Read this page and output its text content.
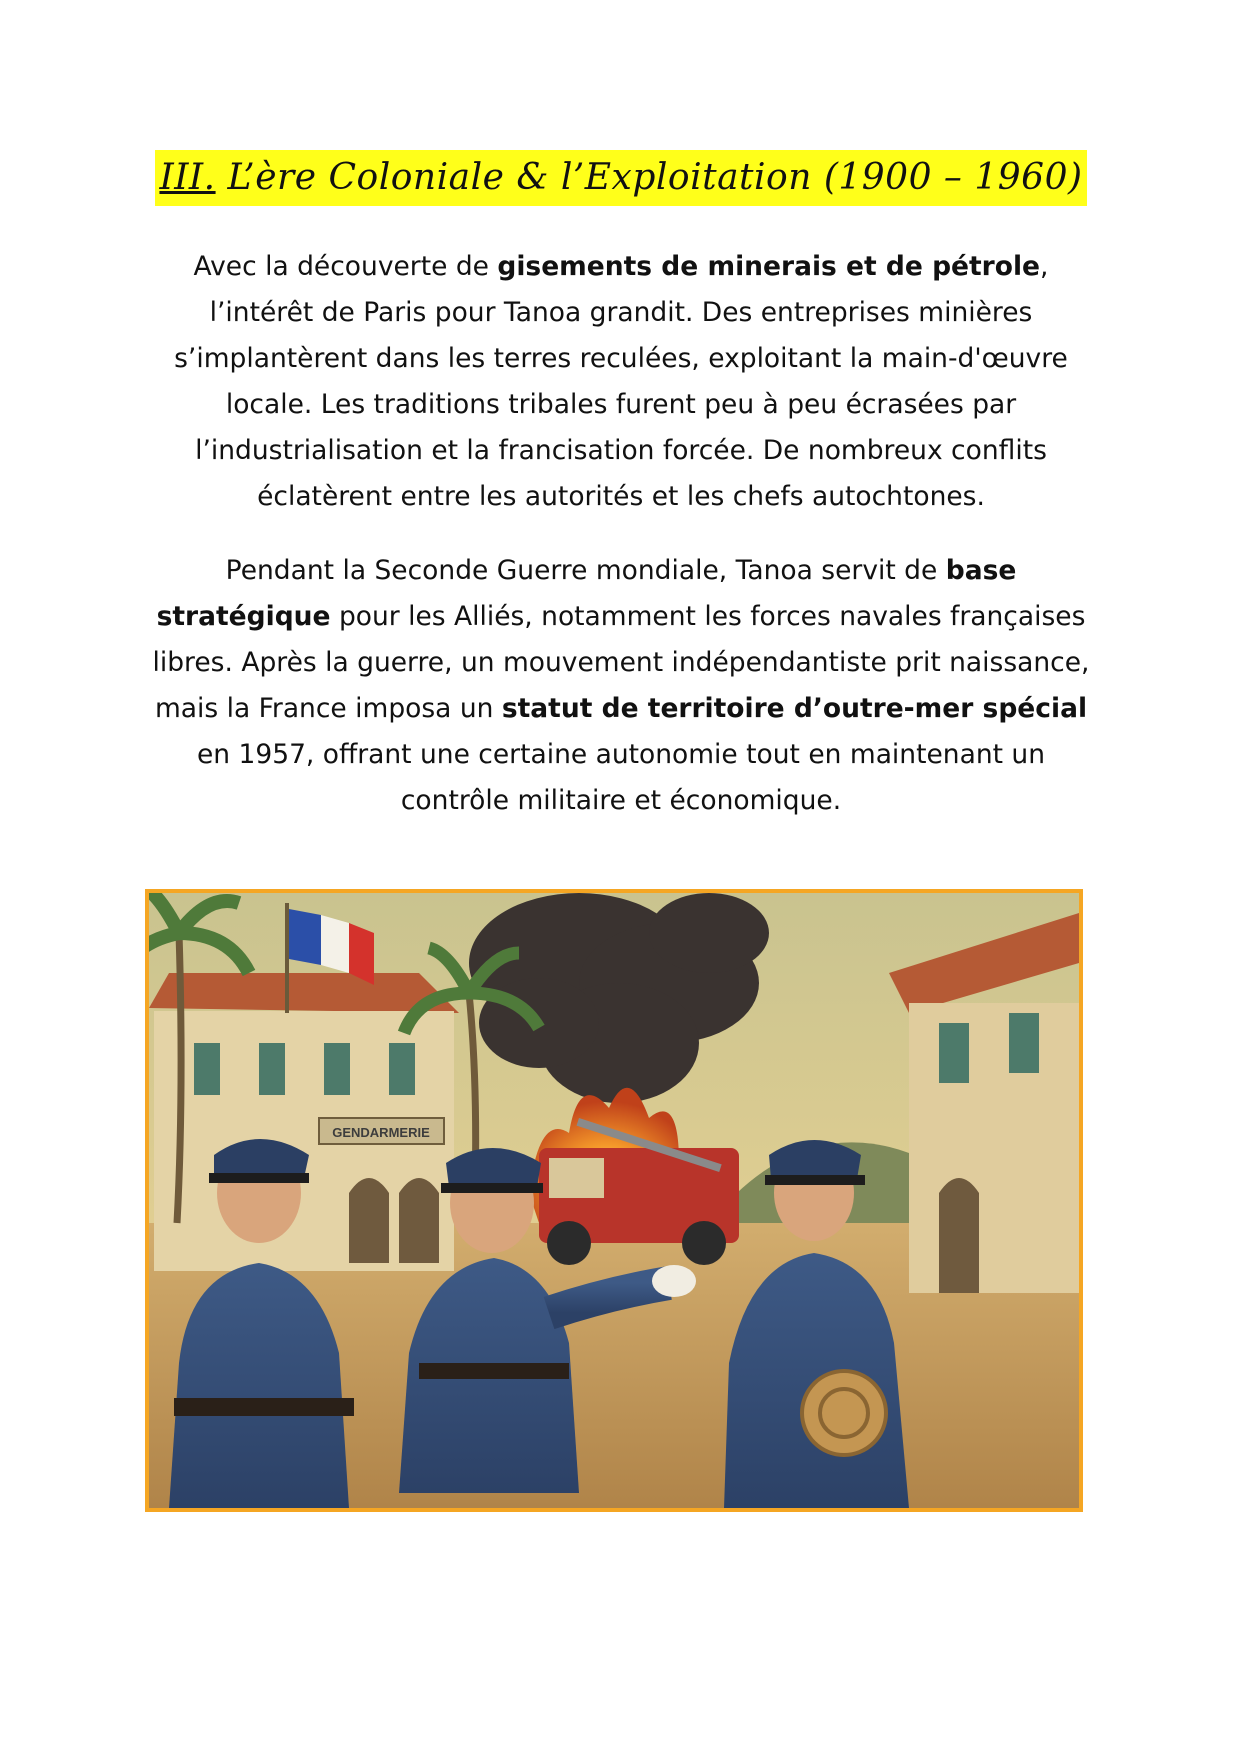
III. L’ère Coloniale & l’Exploitation (1900 – 1960)

Avec la découverte de gisements de minerais et de pétrole, l’intérêt de Paris pour Tanoa grandit. Des entreprises minières s’implantèrent dans les terres reculées, exploitant la main-d'œuvre locale. Les traditions tribales furent peu à peu écrasées par l’industrialisation et la francisation forcée. De nombreux conflits éclatèrent entre les autorités et les chefs autochtones.

Pendant la Seconde Guerre mondiale, Tanoa servit de base stratégique pour les Alliés, notamment les forces navales françaises libres. Après la guerre, un mouvement indépendantiste prit naissance, mais la France imposa un statut de territoire d’outre-mer spécial en 1957, offrant une certaine autonomie tout en maintenant un contrôle militaire et économique.

GENDARMERIE
